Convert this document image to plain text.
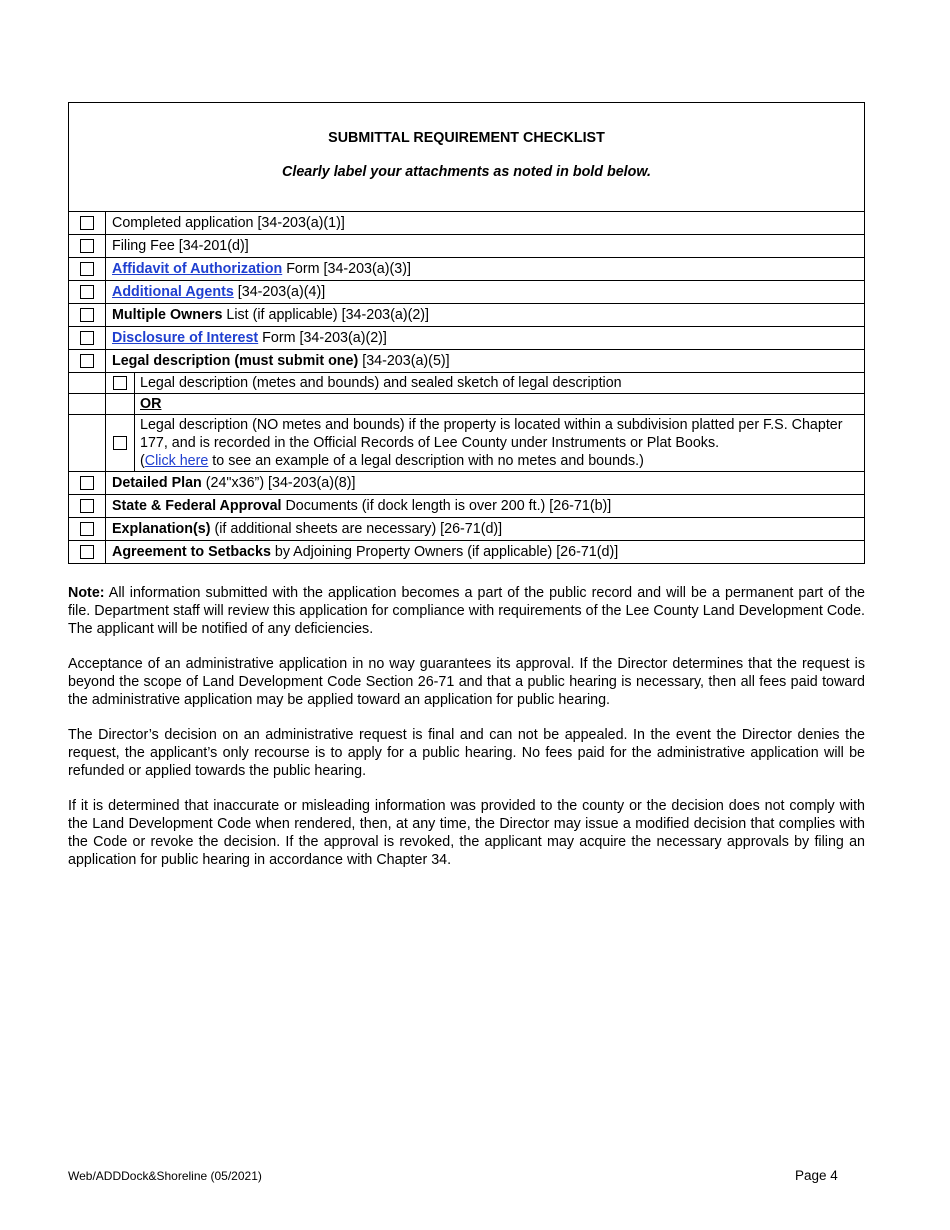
SUBMITTAL REQUIREMENT CHECKLIST
Clearly label your attachments as noted in bold below.
Completed application [34-203(a)(1)]
Filing Fee [34-201(d)]
Affidavit of Authorization Form [34-203(a)(3)]
Additional Agents [34-203(a)(4)]
Multiple Owners List (if applicable) [34-203(a)(2)]
Disclosure of Interest Form [34-203(a)(2)]
Legal description (must submit one) [34-203(a)(5)]
Legal description (metes and bounds) and sealed sketch of legal description
OR
Legal description (NO metes and bounds) if the property is located within a subdivision platted per F.S. Chapter 177, and is recorded in the Official Records of Lee County under Instruments or Plat Books.
(Click here to see an example of a legal description with no metes and bounds.)
Detailed Plan (24"x36”) [34-203(a)(8)]
State & Federal Approval Documents (if dock length is over 200 ft.) [26-71(b)]
Explanation(s) (if additional sheets are necessary) [26-71(d)]
Agreement to Setbacks by Adjoining Property Owners (if applicable) [26-71(d)]

Note: All information submitted with the application becomes a part of the public record and will be a permanent part of the file. Department staff will review this application for compliance with requirements of the Lee County Land Development Code. The applicant will be notified of any deficiencies.

Acceptance of an administrative application in no way guarantees its approval. If the Director determines that the request is beyond the scope of Land Development Code Section 26-71 and that a public hearing is necessary, then all fees paid toward the administrative application may be applied toward an application for public hearing.

The Director’s decision on an administrative request is final and can not be appealed. In the event the Director denies the request, the applicant’s only recourse is to apply for a public hearing. No fees paid for the administrative application will be refunded or applied towards the public hearing.

If it is determined that inaccurate or misleading information was provided to the county or the decision does not comply with the Land Development Code when rendered, then, at any time, the Director may issue a modified decision that complies with the Code or revoke the decision. If the approval is revoked, the applicant may acquire the necessary approvals by filing an application for public hearing in accordance with Chapter 34.

Web/ADDDock&Shoreline (05/2021)	Page 4
